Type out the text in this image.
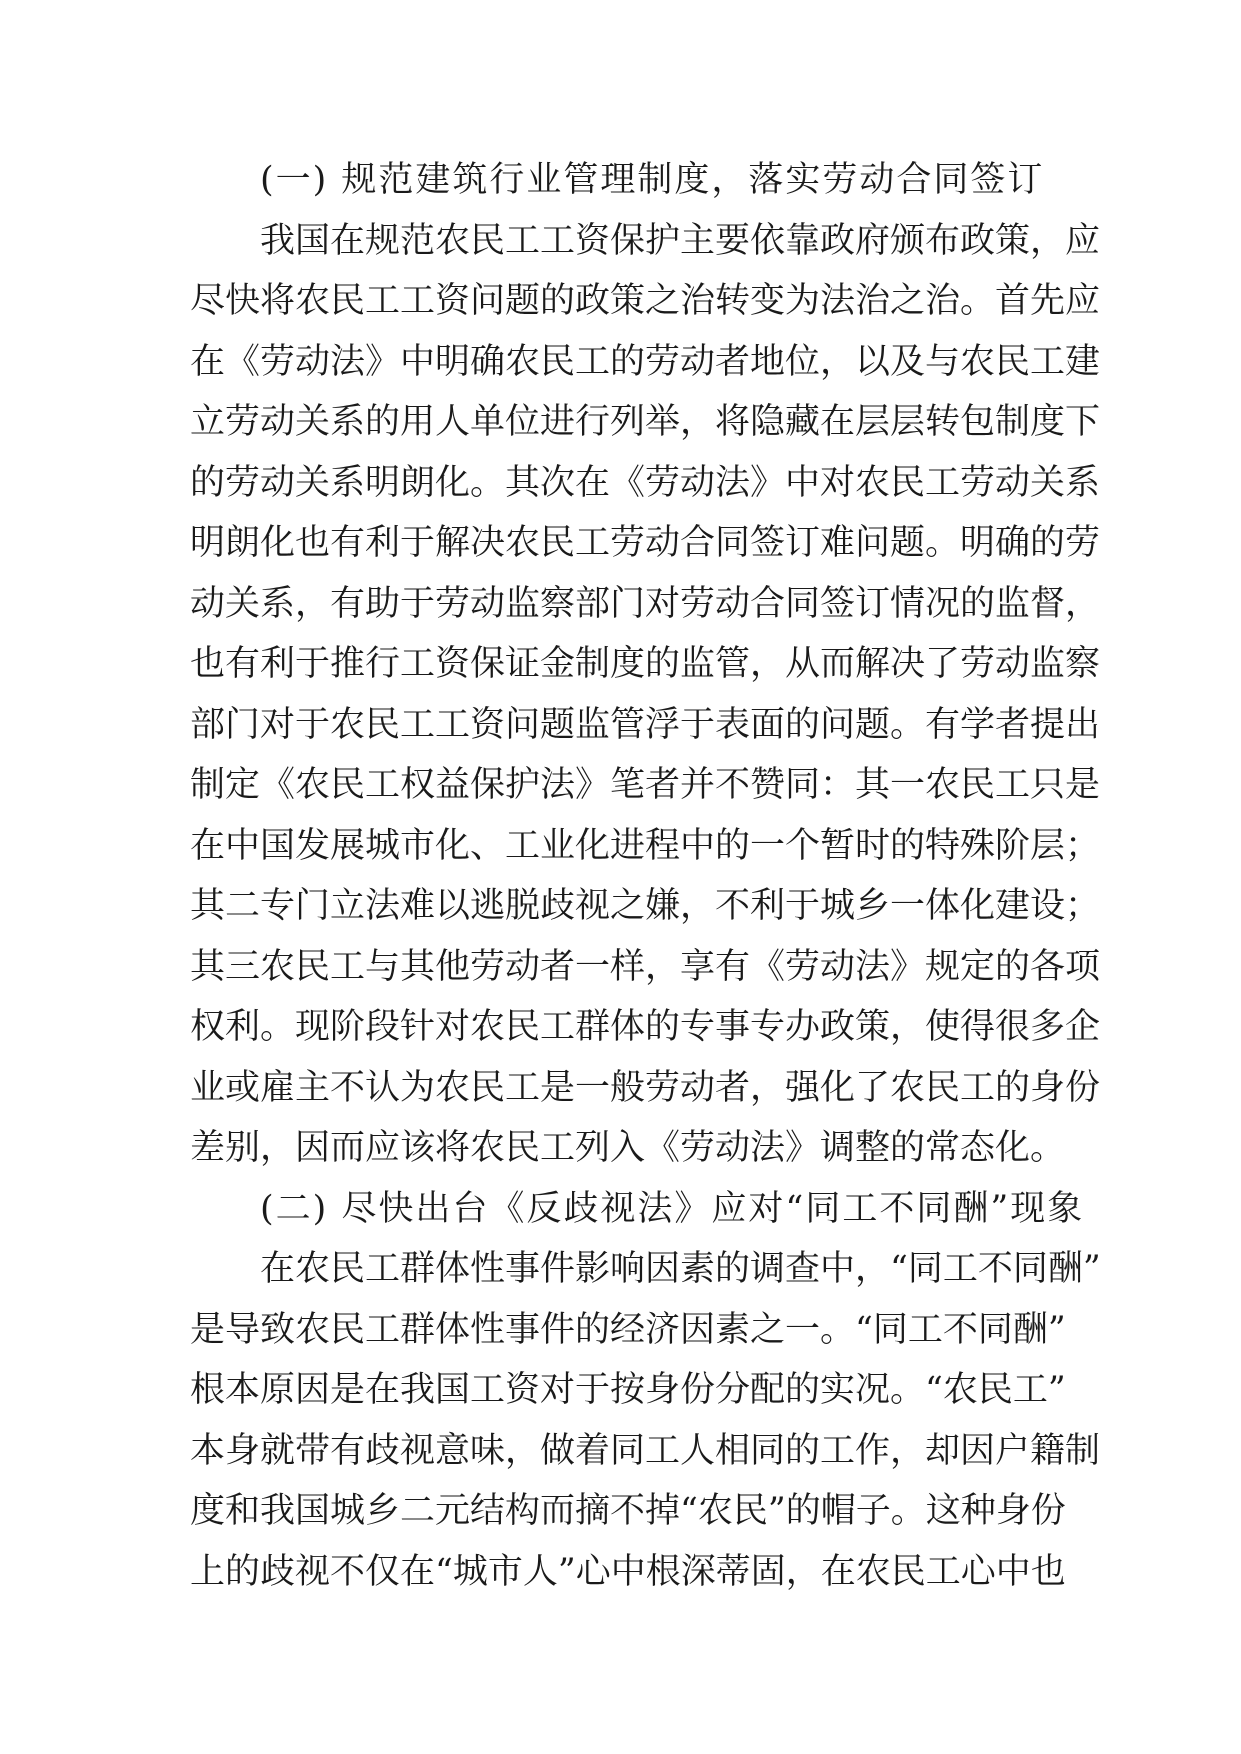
(一) 规范建筑行业管理制度，落实劳动合同签订
我国在规范农民工工资保护主要依靠政府颁布政策，应
尽快将农民工工资问题的政策之治转变为法治之治。首先应
在《劳动法》中明确农民工的劳动者地位，以及与农民工建
立劳动关系的用人单位进行列举，将隐藏在层层转包制度下
的劳动关系明朗化。其次在《劳动法》中对农民工劳动关系
明朗化也有利于解决农民工劳动合同签订难问题。明确的劳
动关系，有助于劳动监察部门对劳动合同签订情况的监督，
也有利于推行工资保证金制度的监管，从而解决了劳动监察
部门对于农民工工资问题监管浮于表面的问题。有学者提出
制定《农民工权益保护法》笔者并不赞同：其一农民工只是
在中国发展城市化、工业化进程中的一个暂时的特殊阶层；
其二专门立法难以逃脱歧视之嫌，不利于城乡一体化建设；
其三农民工与其他劳动者一样，享有《劳动法》规定的各项
权利。现阶段针对农民工群体的专事专办政策，使得很多企
业或雇主不认为农民工是一般劳动者，强化了农民工的身份
差别，因而应该将农民工列入《劳动法》调整的常态化。
(二) 尽快出台《反歧视法》应对“同工不同酬”现象
在农民工群体性事件影响因素的调查中，“同工不同酬”
是导致农民工群体性事件的经济因素之一。“同工不同酬”
根本原因是在我国工资对于按身份分配的实况。“农民工”
本身就带有歧视意味，做着同工人相同的工作，却因户籍制
度和我国城乡二元结构而摘不掉“农民”的帽子。这种身份
上的歧视不仅在“城市人”心中根深蒂固，在农民工心中也
